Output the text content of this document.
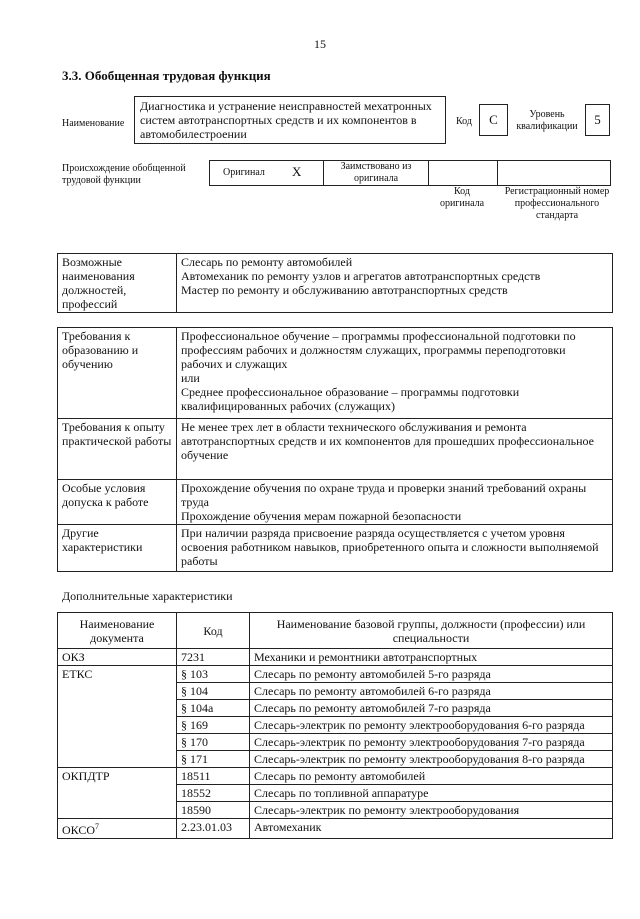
15
3.3. Обобщенная трудовая функция
Наименование
Диагностика и устранение неисправностей мехатронных систем автотранспортных средств и их компонентов в автомобилестроении
Код	C	Уровень квалификации	5
Происхождение обобщенной трудовой функции
Оригинал X	Заимствовано из оригинала
Код оригинала
Регистрационный номер профессионального стандарта
Возможные наименования должностей, профессий	
Слесарь по ремонту автомобилей
Автомеханик по ремонту узлов и агрегатов автотранспортных средств
Мастер по ремонту и обслуживанию автотранспортных средств
Требования к образованию и обучению	Профессиональное обучение – программы профессиональной подготовки по профессиям рабочих и должностям служащих, программы переподготовки рабочих и служащих
или
Среднее профессиональное образование – программы подготовки квалифицированных рабочих (служащих)

Требования к опыту практической работы	Не менее трех лет в области технического обслуживания и ремонта автотранспортных средств и их компонентов для прошедших профессиональное обучение
Особые условия допуска к работе	Прохождение обучения по охране труда и проверки знаний требований охраны труда
Прохождение обучения мерам пожарной безопасности

Другие характеристики	При наличии разряда присвоение разряда осуществляется с учетом уровня освоения работником навыков, приобретенного опыта и сложности выполняемой работы
Дополнительные характеристики
Наименование документа	Код	Наименование базовой группы, должности (профессии) или специальности
ОКЗ	7231	Механики и ремонтники автотранспортных
ЕТКС	§ 103	Слесарь по ремонту автомобилей 5-го разряда
	§ 104	Слесарь по ремонту автомобилей 6-го разряда
	§ 104a	Слесарь по ремонту автомобилей 7-го разряда
	§ 169	Слесарь-электрик по ремонту электрооборудования 6-го разряда
	§ 170	Слесарь-электрик по ремонту электрооборудования 7-го разряда
	§ 171	Слесарь-электрик по ремонту электрооборудования 8-го разряда
ОКПДТР	18511	Слесарь по ремонту автомобилей
	18552	Слесарь по топливной аппаратуре
	18590	Слесарь-электрик по ремонту электрооборудования
ОКСО$^7$	2.23.01.03	Автомеханик
